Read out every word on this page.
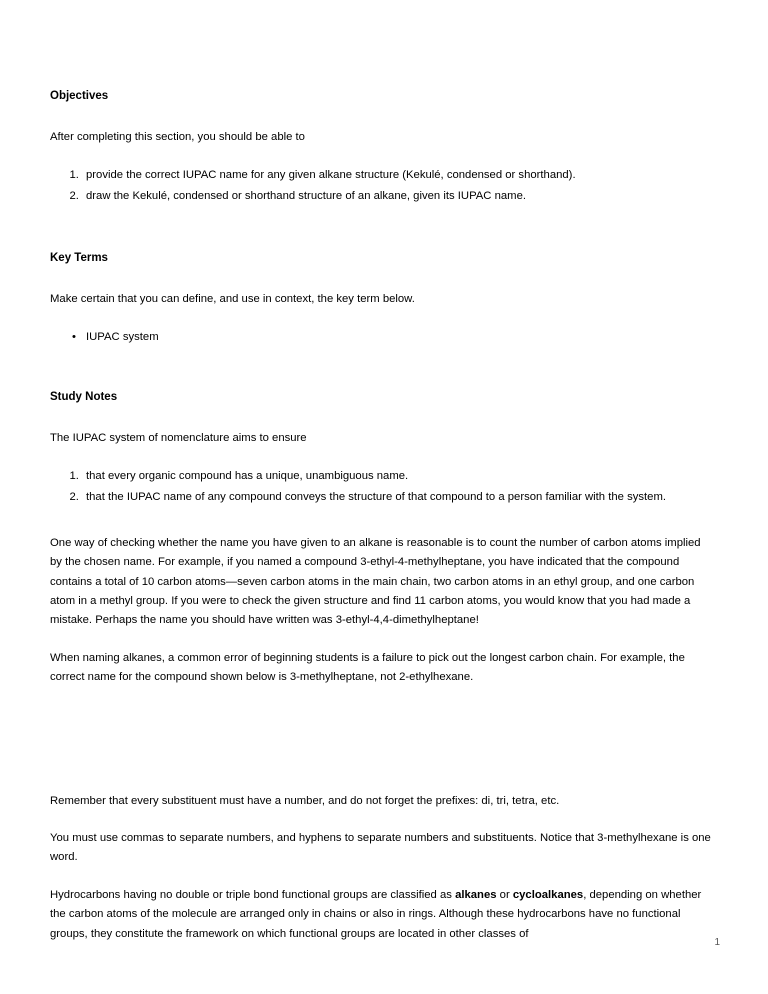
Objectives

After completing this section, you should be able to

1. provide the correct IUPAC name for any given alkane structure (Kekulé, condensed or shorthand).
2. draw the Kekulé, condensed or shorthand structure of an alkane, given its IUPAC name.
Key Terms

Make certain that you can define, and use in context, the key term below.

• IUPAC system
Study Notes

The IUPAC system of nomenclature aims to ensure

1. that every organic compound has a unique, unambiguous name.
2. that the IUPAC name of any compound conveys the structure of that compound to a person familiar with the system.

One way of checking whether the name you have given to an alkane is reasonable is to count the number of carbon atoms implied by the chosen name. For example, if you named a compound 3-ethyl-4-methylheptane, you have indicated that the compound contains a total of 10 carbon atoms—seven carbon atoms in the main chain, two carbon atoms in an ethyl group, and one carbon atom in a methyl group. If you were to check the given structure and find 11 carbon atoms, you would know that you had made a mistake. Perhaps the name you should have written was 3-ethyl-4,4-dimethylheptane!

When naming alkanes, a common error of beginning students is a failure to pick out the longest carbon chain. For example, the correct name for the compound shown below is 3-methylheptane, not 2-ethylhexane.

Remember that every substituent must have a number, and do not forget the prefixes: di, tri, tetra, etc.

You must use commas to separate numbers, and hyphens to separate numbers and substituents. Notice that 3-methylhexane is one word.

Hydrocarbons having no double or triple bond functional groups are classified as alkanes or cycloalkanes, depending on whether the carbon atoms of the molecule are arranged only in chains or also in rings. Although these hydrocarbons have no functional groups, they constitute the framework on which functional groups are located in other classes of

1
